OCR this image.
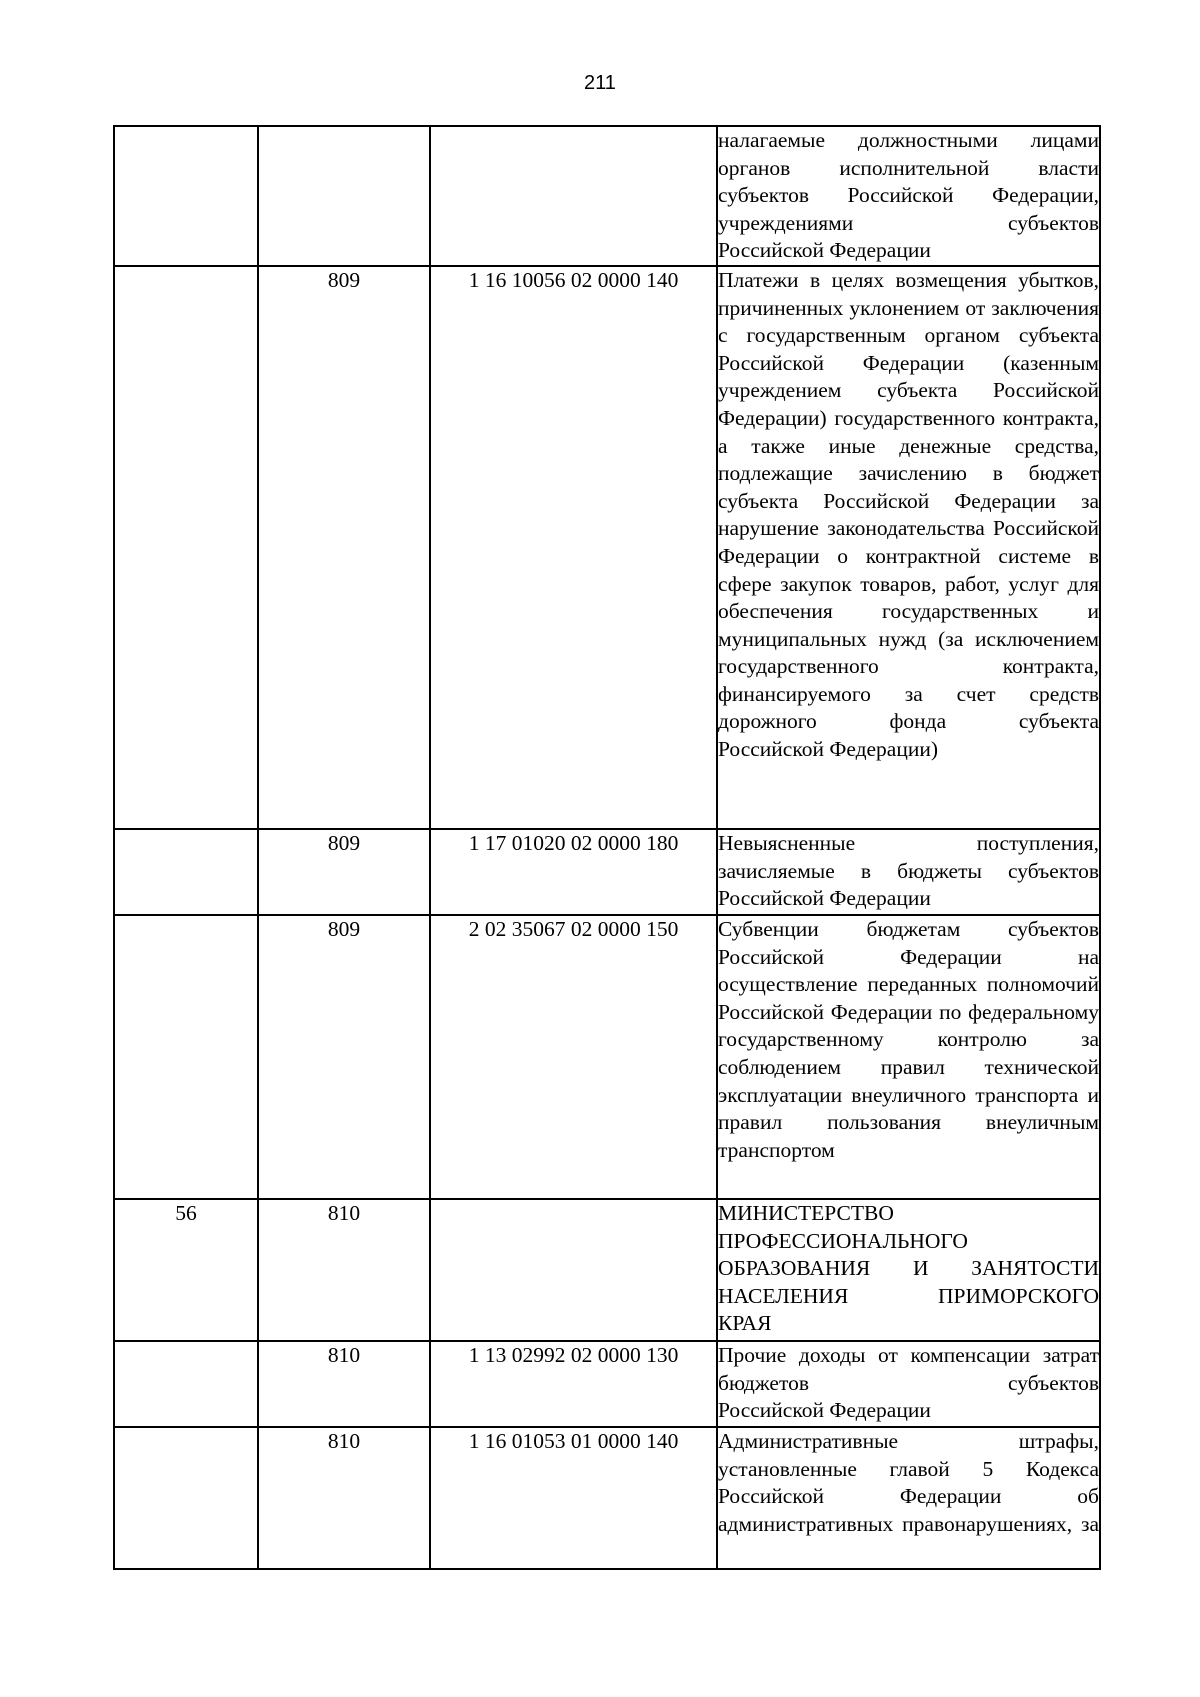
211
			налагаемые должностными лицами органов исполнительной власти субъектов Российской Федерации, учреждениями субъектов
Российской Федерации

	809	1 16 10056 02 0000 140	Платежи в целях возмещения убытков, причиненных уклонением от заключения с государственным органом субъекта Российской Федерации (казенным учреждением субъекта Российской Федерации) государственного контракта, а также иные денежные средства, подлежащие зачислению в бюджет субъекта Российской Федерации за нарушение законодательства Российской Федерации о контрактной системе в сфере закупок товаров, работ, услуг для обеспечения государственных и муниципальных нужд (за исключением государственного контракта, финансируемого за счет средств дорожного фонда субъекта
Российской Федерации)

	809	1 17 01020 02 0000 180	Невыясненные поступления, зачисляемые в бюджеты субъектов
Российской Федерации

	809	2 02 35067 02 0000 150	Субвенции бюджетам субъектов Российской Федерации на осуществление переданных полномочий Российской Федерации по федеральному государственному контролю за соблюдением правил технической эксплуатации внеуличного транспорта и правил пользования внеуличным
транспортом

56	810		МИНИСТЕРСТВО ПРОФЕССИОНАЛЬНОГО ОБРАЗОВАНИЯ И ЗАНЯТОСТИ НАСЕЛЕНИЯ ПРИМОРСКОГО
КРАЯ

	810	1 13 02992 02 0000 130	Прочие доходы от компенсации затрат бюджетов субъектов
Российской Федерации

	810	1 16 01053 01 0000 140	Административные штрафы, установленные главой 5 Кодекса Российской Федерации об административных правонарушениях, за
